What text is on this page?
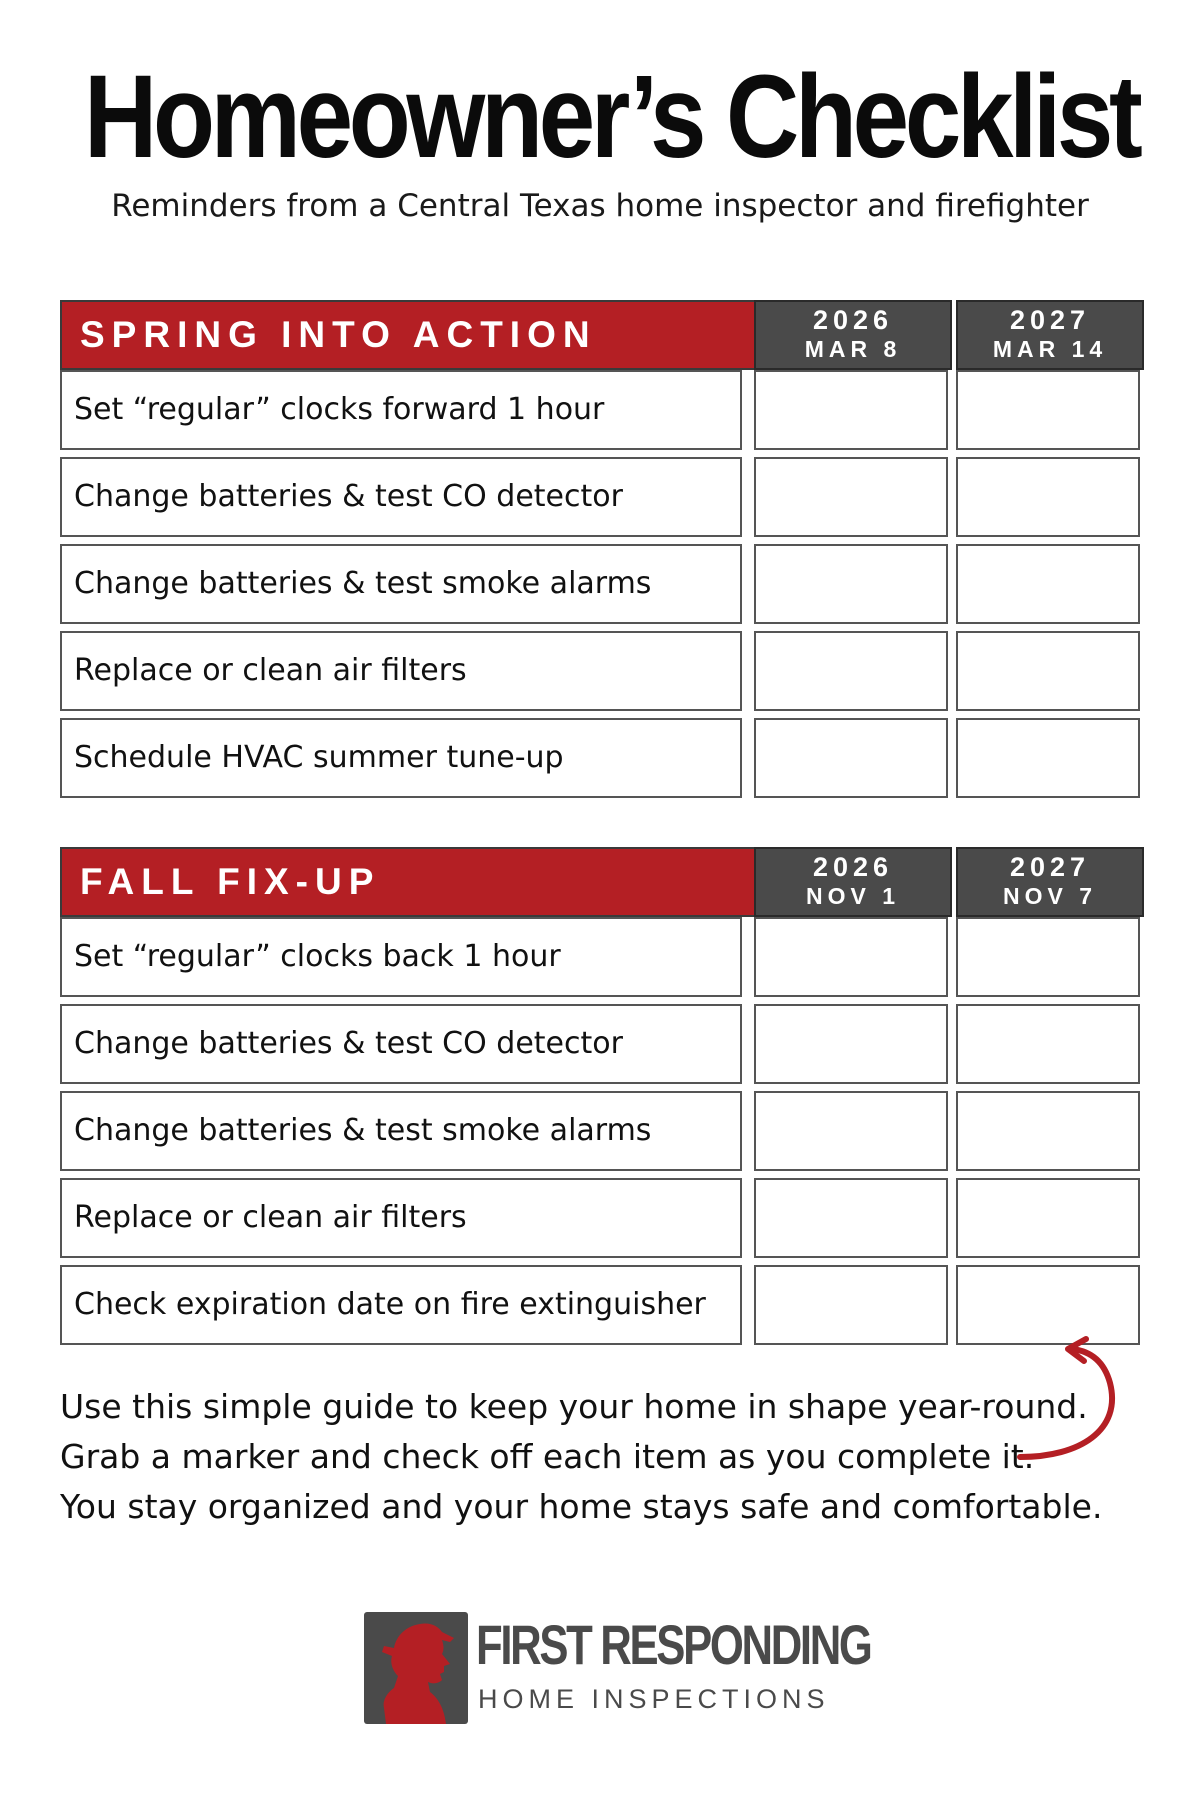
Homeowner’s Checklist
Reminders from a Central Texas home inspector and firefighter
SPRING INTO ACTION	2026
MAR 8
2027
MAR 14
Set “regular” clocks forward 1 hour
Change batteries & test CO detector
Change batteries & test smoke alarms
Replace or clean air filters
Schedule HVAC summer tune-up
FALL FIX-UP	2026
NOV 1
2027
NOV 7
Set “regular” clocks back 1 hour
Change batteries & test CO detector
Change batteries & test smoke alarms
Replace or clean air filters
Check expiration date on fire extinguisher
Use this simple guide to keep your home in shape year-round.
Grab a marker and check off each item as you complete it.
You stay organized and your home stays safe and comfortable.
FIRST RESPONDING
HOME INSPECTIONS
